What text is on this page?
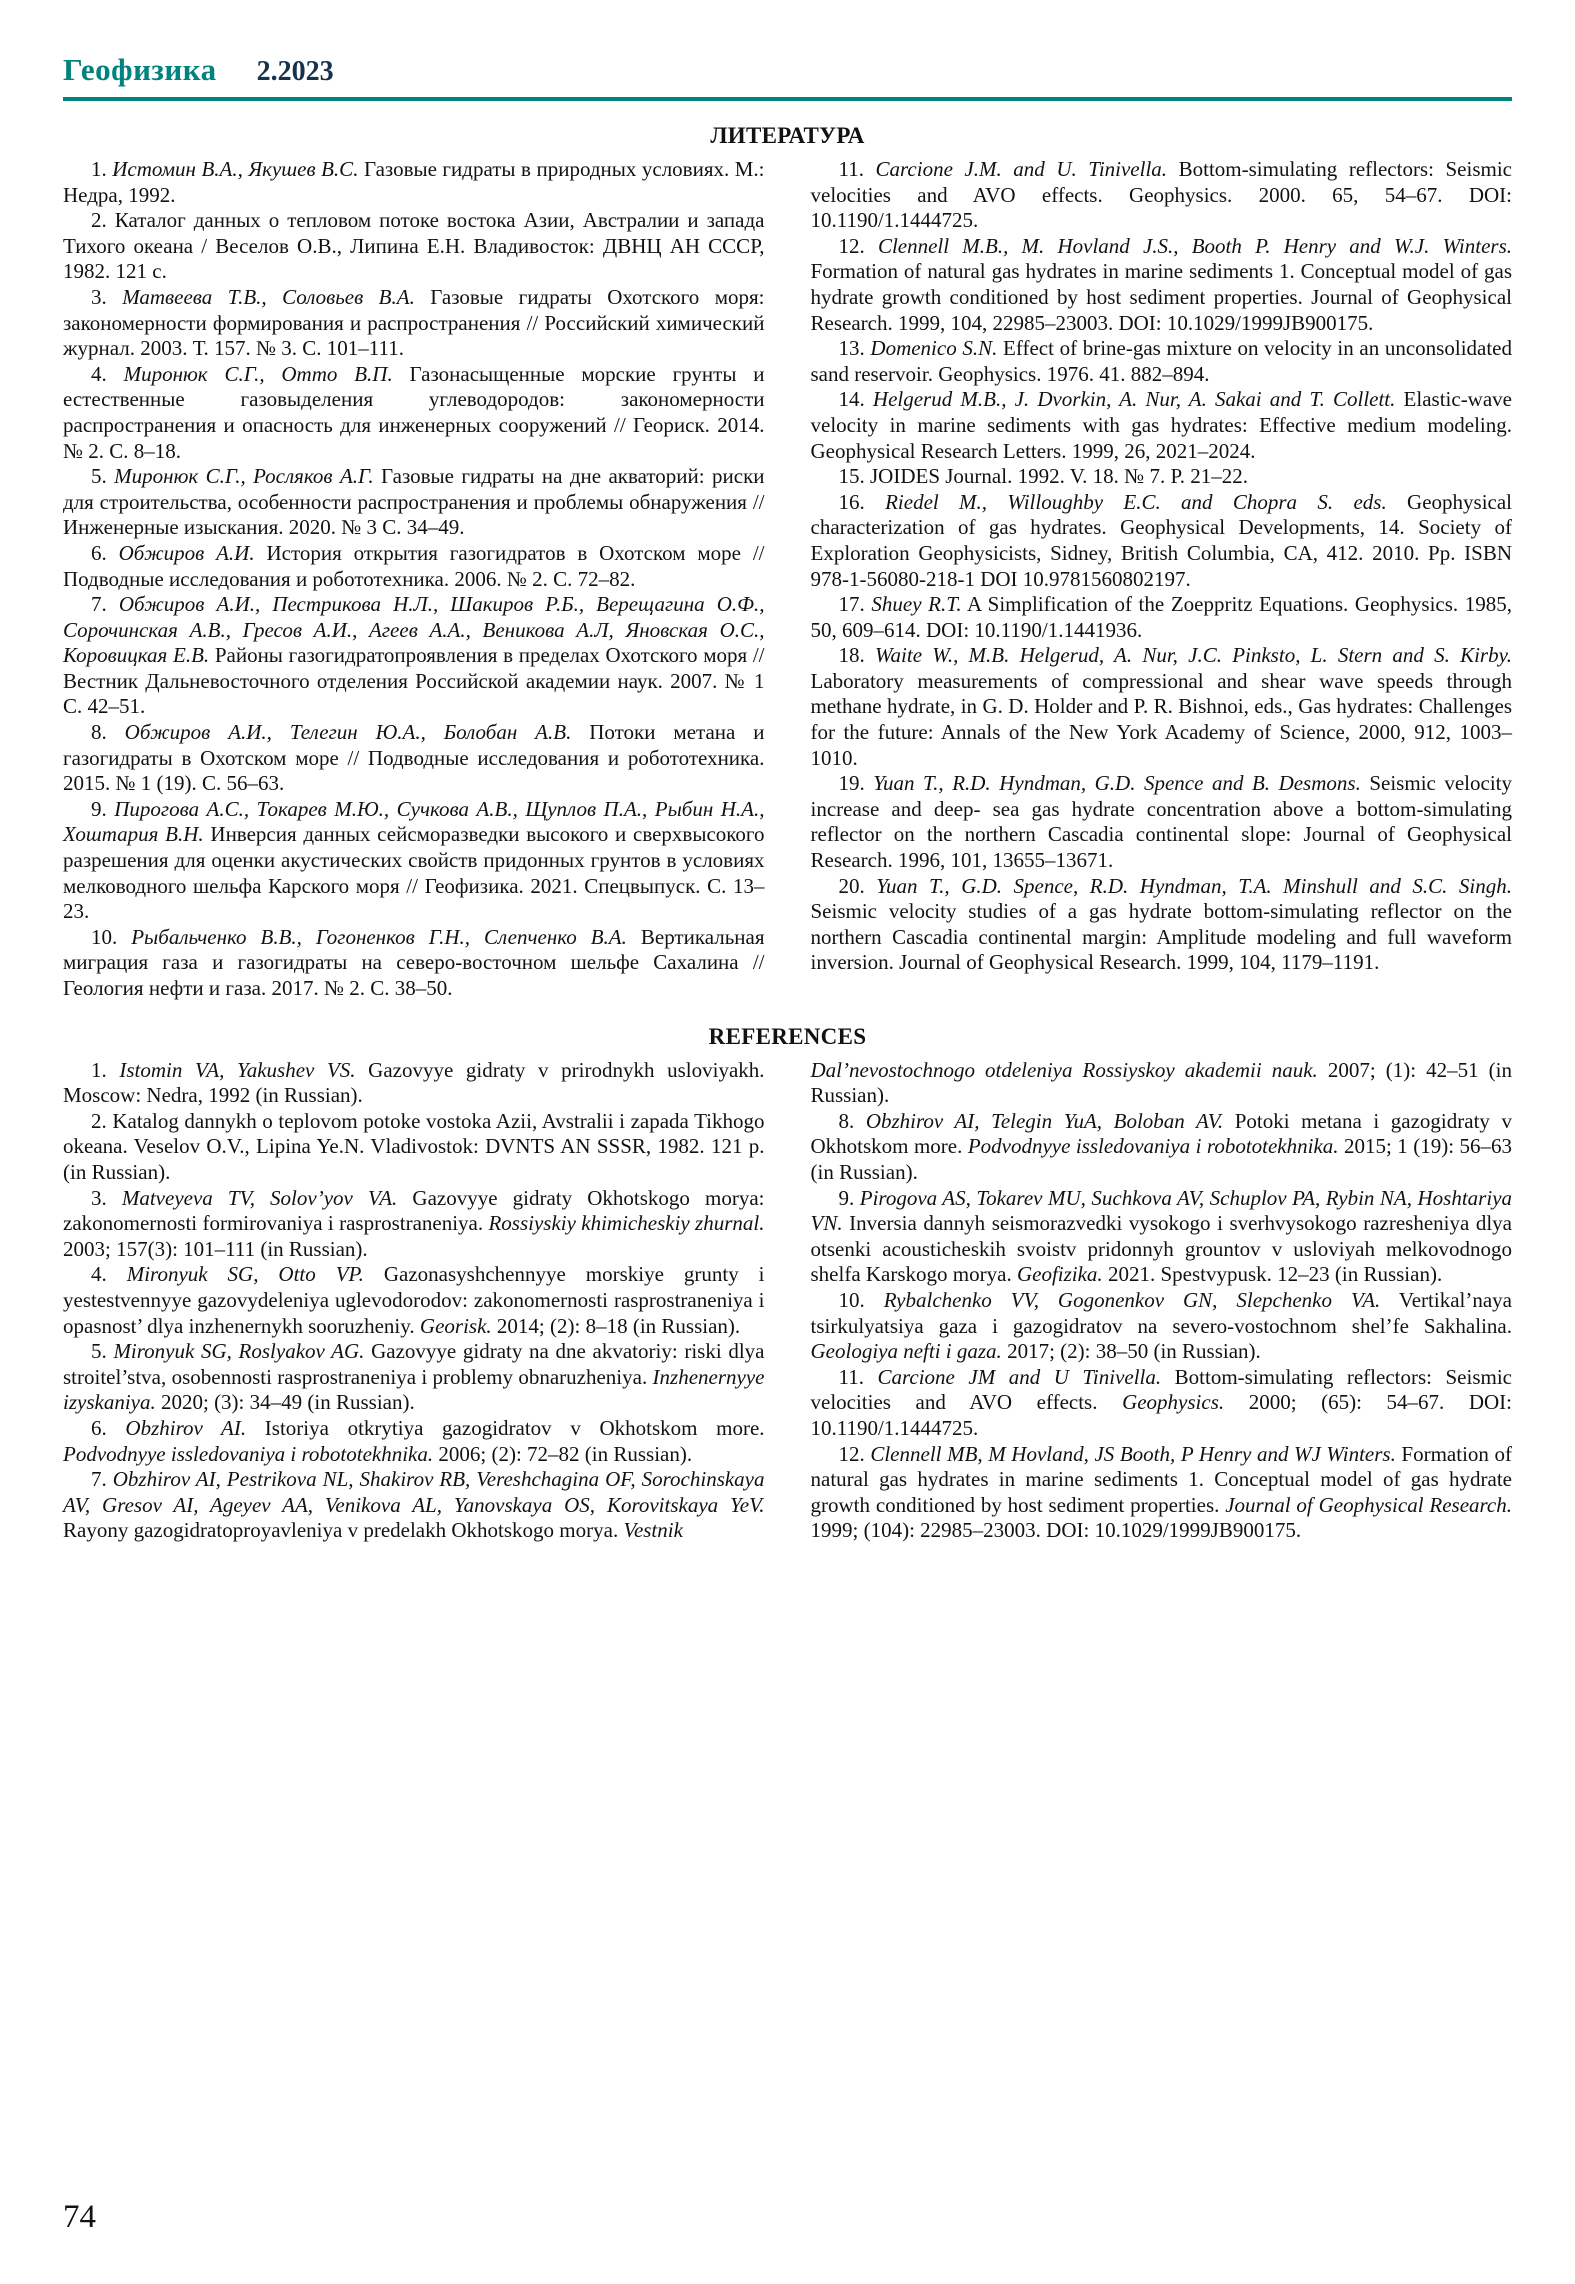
Геофизика 2.2023
ЛИТЕРАТУРА

1. Истомин В.А., Якушев В.С. Газовые гидраты в природных условиях. М.: Недра, 1992.

2. Каталог данных о тепловом потоке востока Азии, Австралии и запада Тихого океана / Веселов О.В., Липина Е.Н. Владивосток: ДВНЦ АН СССР, 1982. 121 с.

3. Матвеева Т.В., Соловьев В.А. Газовые гидраты Охотского моря: закономерности формирования и распространения // Российский химический журнал. 2003. Т. 157. № 3. С. 101–111.

4. Миронюк С.Г., Отто В.П. Газонасыщенные морские грунты и естественные газовыделения углеводородов: закономерности распространения и опасность для инженерных сооружений // Геориск. 2014. № 2. С. 8–18.

5. Миронюк С.Г., Росляков А.Г. Газовые гидраты на дне акваторий: риски для строительства, особенности распространения и проблемы обнаружения // Инженерные изыскания. 2020. № 3 С. 34–49.

6. Обжиров А.И. История открытия газогидратов в Охотском море // Подводные исследования и робототехника. 2006. № 2. С. 72–82.

7. Обжиров А.И., Пестрикова Н.Л., Шакиров Р.Б., Верещагина О.Ф., Сорочинская А.В., Гресов А.И., Агеев А.А., Веникова А.Л, Яновская О.С., Коровицкая Е.В. Районы газогидратопроявления в пределах Охотского моря // Вестник Дальневосточного отделения Российской академии наук. 2007. № 1 С. 42–51.

8. Обжиров А.И., Телегин Ю.А., Болобан А.В. Потоки метана и газогидраты в Охотском море // Подводные исследования и робототехника. 2015. № 1 (19). С. 56–63.

9. Пирогова А.С., Токарев М.Ю., Сучкова А.В., Щуплов П.А., Рыбин Н.А., Хоштария В.Н. Инверсия данных сейсморазведки высокого и сверхвысокого разрешения для оценки акустических свойств придонных грунтов в условиях мелководного шельфа Карского моря // Геофизика. 2021. Спецвыпуск. С. 13–23.

10. Рыбальченко В.В., Гогоненков Г.Н., Слепченко В.А. Вертикальная миграция газа и газогидраты на северо-восточном шельфе Сахалина // Геология нефти и газа. 2017. № 2. С. 38–50.

11. Carcione J.M. and U. Tinivella. Bottom-simulating reflectors: Seismic velocities and AVO effects. Geophysics. 2000. 65, 54–67. DOI: 10.1190/1.1444725.

12. Clennell M.B., M. Hovland J.S., Booth P. Henry and W.J. Winters. Formation of natural gas hydrates in marine sediments 1. Conceptual model of gas hydrate growth conditioned by host sediment properties. Journal of Geophysical Research. 1999, 104, 22985–23003. DOI: 10.1029/1999JB900175.

13. Domenico S.N. Effect of brine-gas mixture on velocity in an unconsolidated sand reservoir. Geophysics. 1976. 41. 882–894.

14. Helgerud M.B., J. Dvorkin, A. Nur, A. Sakai and T. Collett. Elastic-wave velocity in marine sediments with gas hydrates: Effective medium modeling. Geophysical Research Letters. 1999, 26, 2021–2024.

15. JOIDES Journal. 1992. V. 18. № 7. P. 21–22.

16. Riedel M., Willoughby E.C. and Chopra S. eds. Geophysical characterization of gas hydrates. Geophysical Developments, 14. Society of Exploration Geophysicists, Sidney, British Columbia, CA, 412. 2010. Pp. ISBN 978-1-56080-218-1 DOI 10.9781560802197.

17. Shuey R.T. A Simplification of the Zoeppritz Equations. Geophysics. 1985, 50, 609–614. DOI: 10.1190/1.1441936.

18. Waite W., M.B. Helgerud, A. Nur, J.C. Pinksto, L. Stern and S. Kirby. Laboratory measurements of compressional and shear wave speeds through methane hydrate, in G. D. Holder and P. R. Bishnoi, eds., Gas hydrates: Challenges for the future: Annals of the New York Academy of Science, 2000, 912, 1003–1010.

19. Yuan T., R.D. Hyndman, G.D. Spence and B. Desmons. Seismic velocity increase and deep- sea gas hydrate concentration above a bottom-simulating reflector on the northern Cascadia continental slope: Journal of Geophysical Research. 1996, 101, 13655–13671.

20. Yuan T., G.D. Spence, R.D. Hyndman, T.A. Minshull and S.C. Singh. Seismic velocity studies of a gas hydrate bottom-simulating reflector on the northern Cascadia continental margin: Amplitude modeling and full waveform inversion. Journal of Geophysical Research. 1999, 104, 1179–1191.

REFERENCES

1. Istomin VA, Yakushev VS. Gazovyye gidraty v prirodnykh usloviyakh. Moscow: Nedra, 1992 (in Russian).

2. Katalog dannykh o teplovom potoke vostoka Azii, Avstralii i zapada Tikhogo okeana. Veselov O.V., Lipina Ye.N. Vladivostok: DVNTS AN SSSR, 1982. 121 p. (in Russian).

3. Matveyeva TV, Solov’yov VA. Gazovyye gidraty Okhotskogo morya: zakonomernosti formirovaniya i rasprostraneniya. Rossiyskiy khimicheskiy zhurnal. 2003; 157(3): 101–111 (in Russian).

4. Mironyuk SG, Otto VP. Gazonasyshchennyye morskiye grunty i yestestvennyye gazovydeleniya uglevodorodov: zakonomernosti rasprostraneniya i opasnost’ dlya inzhenernykh sooruzheniy. Georisk. 2014; (2): 8–18 (in Russian).

5. Mironyuk SG, Roslyakov AG. Gazovyye gidraty na dne akvatoriy: riski dlya stroitel’stva, osobennosti rasprostraneniya i problemy obnaruzheniya. Inzhenernyye izyskaniya. 2020; (3): 34–49 (in Russian).

6. Obzhirov AI. Istoriya otkrytiya gazogidratov v Okhotskom more. Podvodnyye issledovaniya i robototekhnika. 2006; (2): 72–82 (in Russian).

7. Obzhirov AI, Pestrikova NL, Shakirov RB, Vereshchagina OF, Sorochinskaya AV, Gresov AI, Ageyev AA, Venikova AL, Yanovskaya OS, Korovitskaya YeV. Rayony gazogidratoproyavleniya v predelakh Okhotskogo morya. Vestnik

Dal’nevostochnogo otdeleniya Rossiyskoy akademii nauk. 2007; (1): 42–51 (in Russian).

8. Obzhirov AI, Telegin YuA, Boloban AV. Potoki metana i gazogidraty v Okhotskom more. Podvodnyye issledovaniya i robototekhnika. 2015; 1 (19): 56–63 (in Russian).

9. Pirogova AS, Tokarev MU, Suchkova AV, Schuplov PA, Rybin NA, Hoshtariya VN. Inversia dannyh seismorazvedki vysokogo i sverhvysokogo razresheniya dlya otsenki acousticheskih svoistv pridonnyh grountov v usloviyah melkovodnogo shelfa Karskogo morya. Geofizika. 2021. Spestvypusk. 12–23 (in Russian).

10. Rybalchenko VV, Gogonenkov GN, Slepchenko VA. Vertikal’naya tsirkulyatsiya gaza i gazogidratov na severo-vostochnom shel’fe Sakhalina. Geologiya nefti i gaza. 2017; (2): 38–50 (in Russian).

11. Carcione JM and U Tinivella. Bottom-simulating reflectors: Seismic velocities and AVO effects. Geophysics. 2000; (65): 54–67. DOI: 10.1190/1.1444725.

12. Clennell MB, M Hovland, JS Booth, P Henry and WJ Winters. Formation of natural gas hydrates in marine sediments 1. Conceptual model of gas hydrate growth conditioned by host sediment properties. Journal of Geophysical Research. 1999; (104): 22985–23003. DOI: 10.1029/1999JB900175.

74
